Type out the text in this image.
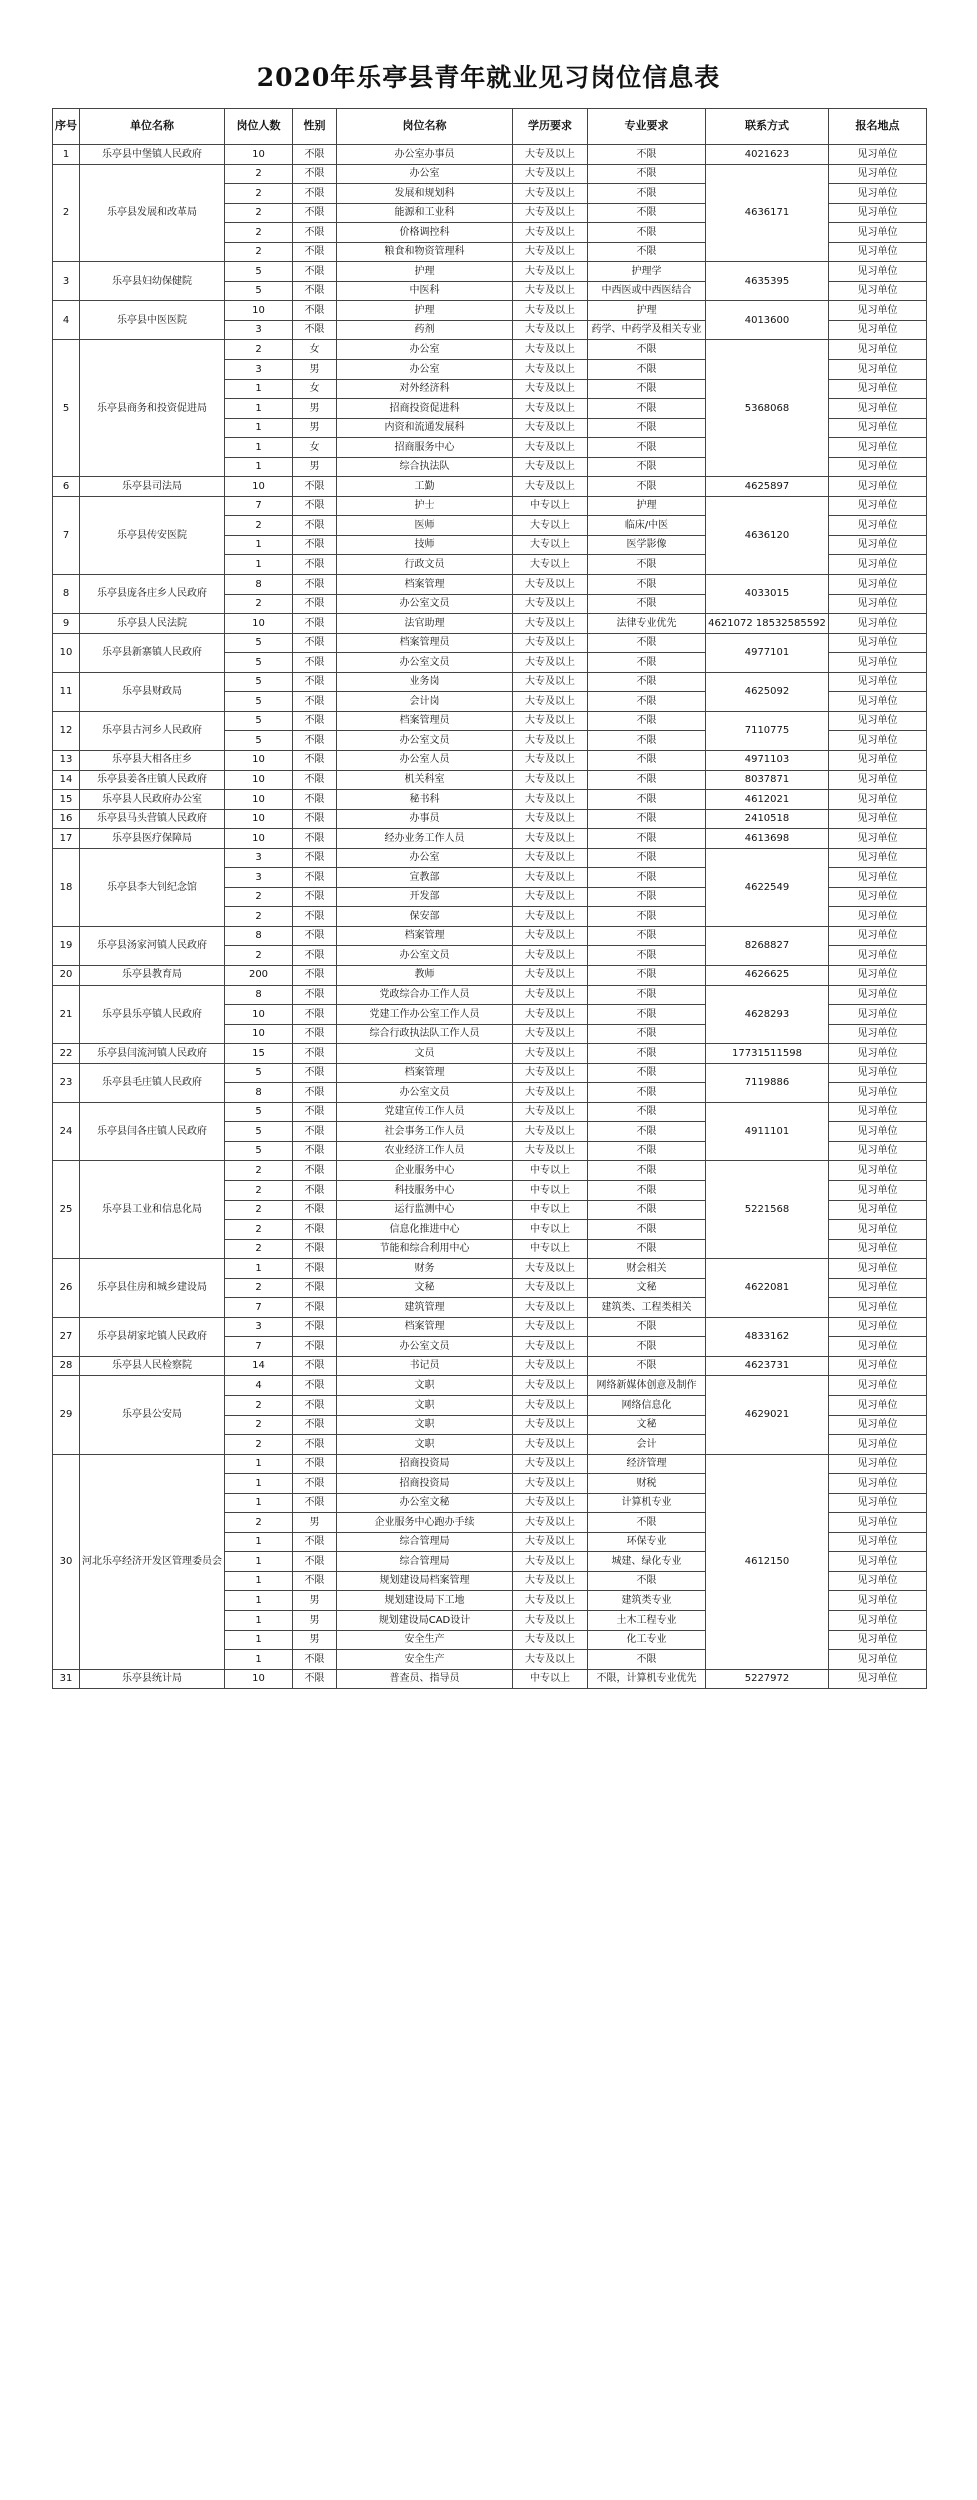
2020年乐亭县青年就业见习岗位信息表
序号	单位名称	岗位人数	性别	岗位名称	学历要求	专业要求	联系方式	报名地点
1	乐亭县中堡镇人民政府	10	不限	办公室办事员	大专及以上	不限	4021623	见习单位
2	乐亭县发展和改革局	2	不限	办公室	大专及以上	不限	4636171	见习单位
		2	不限	发展和规划科	大专及以上	不限		见习单位
		2	不限	能源和工业科	大专及以上	不限		见习单位
		2	不限	价格调控科	大专及以上	不限		见习单位
		2	不限	粮食和物资管理科	大专及以上	不限		见习单位
3	乐亭县妇幼保健院	5	不限	护理	大专及以上	护理学	4635395	见习单位
		5	不限	中医科	大专及以上	中西医或中西医结合		见习单位
4	乐亭县中医医院	10	不限	护理	大专及以上	护理	4013600	见习单位
		3	不限	药剂	大专及以上	药学、中药学及相关专业		见习单位
5	乐亭县商务和投资促进局	2	女	办公室	大专及以上	不限	5368068	见习单位
		3	男	办公室	大专及以上	不限		见习单位
		1	女	对外经济科	大专及以上	不限		见习单位
		1	男	招商投资促进科	大专及以上	不限		见习单位
		1	男	内资和流通发展科	大专及以上	不限		见习单位
		1	女	招商服务中心	大专及以上	不限		见习单位
		1	男	综合执法队	大专及以上	不限		见习单位
6	乐亭县司法局	10	不限	工勤	大专及以上	不限	4625897	见习单位
7	乐亭县传安医院	7	不限	护士	中专以上	护理	4636120	见习单位
		2	不限	医师	大专以上	临床/中医		见习单位
		1	不限	技师	大专以上	医学影像		见习单位
		1	不限	行政文员	大专以上	不限		见习单位
8	乐亭县庞各庄乡人民政府	8	不限	档案管理	大专及以上	不限	4033015	见习单位
		2	不限	办公室文员	大专及以上	不限		见习单位
9	乐亭县人民法院	10	不限	法官助理	大专及以上	法律专业优先	4621072 18532585592	见习单位
10	乐亭县新寨镇人民政府	5	不限	档案管理员	大专及以上	不限	4977101	见习单位
		5	不限	办公室文员	大专及以上	不限		见习单位
11	乐亭县财政局	5	不限	业务岗	大专及以上	不限	4625092	见习单位
		5	不限	会计岗	大专及以上	不限		见习单位
12	乐亭县古河乡人民政府	5	不限	档案管理员	大专及以上	不限	7110775	见习单位
		5	不限	办公室文员	大专及以上	不限		见习单位
13	乐亭县大相各庄乡	10	不限	办公室人员	大专及以上	不限	4971103	见习单位
14	乐亭县姜各庄镇人民政府	10	不限	机关科室	大专及以上	不限	8037871	见习单位
15	乐亭县人民政府办公室	10	不限	秘书科	大专及以上	不限	4612021	见习单位
16	乐亭县马头营镇人民政府	10	不限	办事员	大专及以上	不限	2410518	见习单位
17	乐亭县医疗保障局	10	不限	经办业务工作人员	大专及以上	不限	4613698	见习单位
18	乐亭县李大钊纪念馆	3	不限	办公室	大专及以上	不限	4622549	见习单位
		3	不限	宣教部	大专及以上	不限		见习单位
		2	不限	开发部	大专及以上	不限		见习单位
		2	不限	保安部	大专及以上	不限		见习单位
19	乐亭县汤家河镇人民政府	8	不限	档案管理	大专及以上	不限	8268827	见习单位
		2	不限	办公室文员	大专及以上	不限		见习单位
20	乐亭县教育局	200	不限	教师	大专及以上	不限	4626625	见习单位
21	乐亭县乐亭镇人民政府	8	不限	党政综合办工作人员	大专及以上	不限	4628293	见习单位
		10	不限	党建工作办公室工作人员	大专及以上	不限		见习单位
		10	不限	综合行政执法队工作人员	大专及以上	不限		见习单位
22	乐亭县闫流河镇人民政府	15	不限	文员	大专及以上	不限	17731511598	见习单位
23	乐亭县毛庄镇人民政府	5	不限	档案管理	大专及以上	不限	7119886	见习单位
		8	不限	办公室文员	大专及以上	不限		见习单位
24	乐亭县闫各庄镇人民政府	5	不限	党建宣传工作人员	大专及以上	不限	4911101	见习单位
		5	不限	社会事务工作人员	大专及以上	不限		见习单位
		5	不限	农业经济工作人员	大专及以上	不限		见习单位
25	乐亭县工业和信息化局	2	不限	企业服务中心	中专以上	不限	5221568	见习单位
		2	不限	科技服务中心	中专以上	不限		见习单位
		2	不限	运行监测中心	中专以上	不限		见习单位
		2	不限	信息化推进中心	中专以上	不限		见习单位
		2	不限	节能和综合利用中心	中专以上	不限		见习单位
26	乐亭县住房和城乡建设局	1	不限	财务	大专及以上	财会相关	4622081	见习单位
		2	不限	文秘	大专及以上	文秘		见习单位
		7	不限	建筑管理	大专及以上	建筑类、工程类相关		见习单位
27	乐亭县胡家坨镇人民政府	3	不限	档案管理	大专及以上	不限	4833162	见习单位
		7	不限	办公室文员	大专及以上	不限		见习单位
28	乐亭县人民检察院	14	不限	书记员	大专及以上	不限	4623731	见习单位
29	乐亭县公安局	4	不限	文职	大专及以上	网络新媒体创意及制作	4629021	见习单位
		2	不限	文职	大专及以上	网络信息化		见习单位
		2	不限	文职	大专及以上	文秘		见习单位
		2	不限	文职	大专及以上	会计		见习单位
30	河北乐亭经济开发区管理委员会	1	不限	招商投资局	大专及以上	经济管理	4612150	见习单位
		1	不限	招商投资局	大专及以上	财税		见习单位
		1	不限	办公室文秘	大专及以上	计算机专业		见习单位
		2	男	企业服务中心跑办手续	大专及以上	不限		见习单位
		1	不限	综合管理局	大专及以上	环保专业		见习单位
		1	不限	综合管理局	大专及以上	城建、绿化专业		见习单位
		1	不限	规划建设局档案管理	大专及以上	不限		见习单位
		1	男	规划建设局下工地	大专及以上	建筑类专业		见习单位
		1	男	规划建设局CAD设计	大专及以上	土木工程专业		见习单位
		1	男	安全生产	大专及以上	化工专业		见习单位
		1	不限	安全生产	大专及以上	不限		见习单位
31	乐亭县统计局	10	不限	普查员、指导员	中专以上	不限，计算机专业优先	5227972	见习单位
